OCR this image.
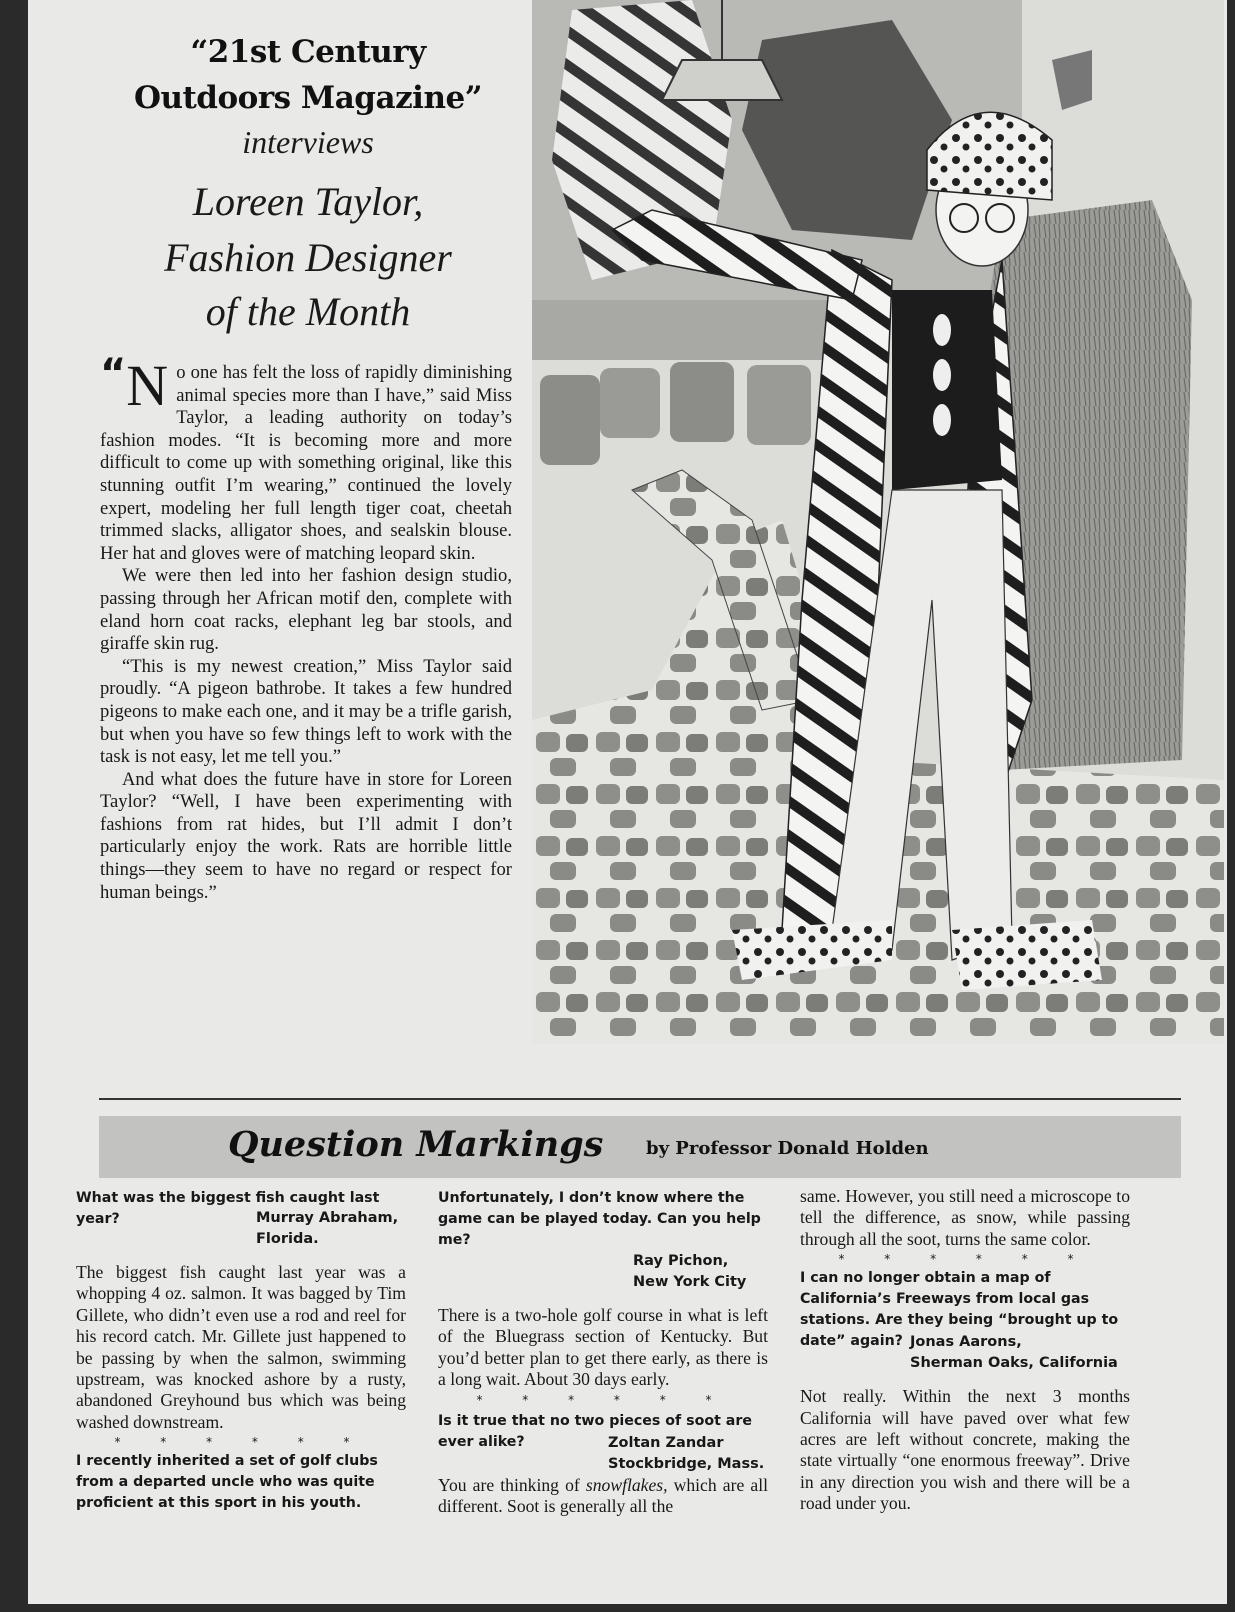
“21st Century
Outdoors Magazine”
interviews
Loreen Taylor,
Fashion Designer
of the Month

“N o one has felt the loss of rapidly diminishing animal species more than I have,” said Miss Taylor, a leading authority on today’s fashion modes. “It is becoming more and more difficult to come up with something original, like this stunning outfit I’m wearing,” continued the lovely expert, modeling her full length tiger coat, cheetah trimmed slacks, alligator shoes, and sealskin blouse. Her hat and gloves were of matching leopard skin.

We were then led into her fashion design studio, passing through her African motif den, complete with eland horn coat racks, elephant leg bar stools, and giraffe skin rug.

“This is my newest creation,” Miss Taylor said proudly. “A pigeon bathrobe. It takes a few hundred pigeons to make each one, and it may be a trifle garish, but when you have so few things left to work with the task is not easy, let me tell you.”

And what does the future have in store for Loreen Taylor? “Well, I have been experimenting with fashions from rat hides, but I’ll admit I don’t particularly enjoy the work. Rats are horrible little things—they seem to have no regard or respect for human beings.”

Question Markings by Professor Donald Holden

What was the biggest fish caught last year?	Murray Abraham,

Florida.

The biggest fish caught last year was a whopping 4 oz. salmon. It was bagged by Tim Gillete, who didn’t even use a rod and reel for his record catch. Mr. Gillete just happened to be passing by when the salmon, swimming upstream, was knocked ashore by a rusty, abandoned Greyhound bus which was being washed downstream.

* * * * * *

I recently inherited a set of golf clubs from a departed uncle who was quite proficient at this sport in his youth.

Unfortunately, I don’t know where the game can be played today. Can you help me?

Ray Pichon,

New York City

There is a two-hole golf course in what is left of the Bluegrass section of Kentucky. But you’d better plan to get there early, as there is a long wait. About 30 days early.

* * * * * *

Is it true that no two pieces of soot are ever alike?	Zoltan Zandar

Stockbridge, Mass.

You are thinking of snowflakes, which are all different. Soot is generally all the

same. However, you still need a microscope to tell the difference, as snow, while passing through all the soot, turns the same color.

* * * * * *

I can no longer obtain a map of California’s Freeways from local gas stations. Are they being “brought up to date” again? Jonas Aarons,

Sherman Oaks, California

Not really. Within the next 3 months California will have paved over what few acres are left without concrete, making the state virtually “one enormous freeway”. Drive in any direction you wish and there will be a road under you.
